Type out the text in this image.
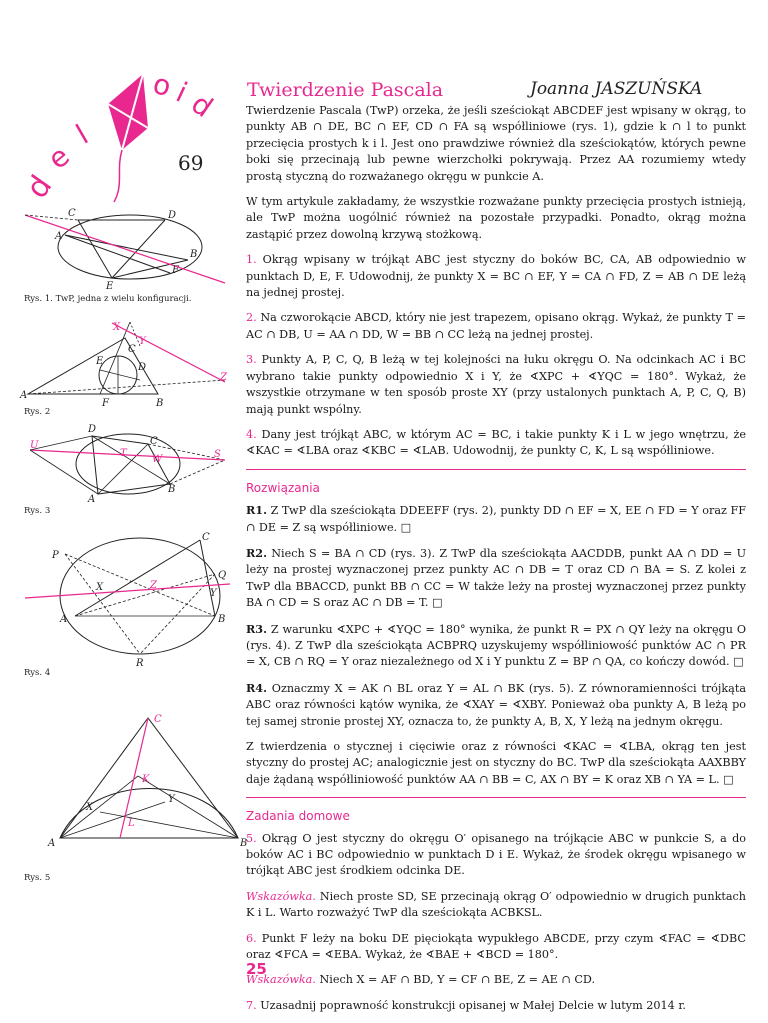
d
e
l
o
i
d
69
C	D
A
B
E
F
Rys. 1. TwP, jedna z wielu konfiguracji.
X
Y
C
E
D
Z
A
F	B
Rys. 2
D
C
U
T
W	S
B
A
Rys. 3
C
P
Q
X	Z
Y
A	B
R
Rys. 4
C
K
Y
X
L
A	B
Rys. 5
Twierdzenie Pascala	Joanna JASZUŃSKA

Twierdzenie Pascala (TwP) orzeka, że jeśli sześciokąt ABCDEF jest wpisany w okrąg, to punkty AB ∩ DE, BC ∩ EF, CD ∩ FA są współliniowe (rys. 1), gdzie k ∩ l to punkt przecięcia prostych k i l. Jest ono prawdziwe również dla sześciokątów, których pewne boki się przecinają lub pewne wierzchołki pokrywają. Przez AA rozumiemy wtedy prostą styczną do rozważanego okręgu w punkcie A.

W tym artykule zakładamy, że wszystkie rozważane punkty przecięcia prostych istnieją, ale TwP można uogólnić również na pozostałe przypadki. Ponadto, okrąg można zastąpić przez dowolną krzywą stożkową.

1. Okrąg wpisany w trójkąt ABC jest styczny do boków BC, CA, AB odpowiednio w punktach D, E, F. Udowodnij, że punkty X = BC ∩ EF, Y = CA ∩ FD, Z = AB ∩ DE leżą na jednej prostej.

2. Na czworokącie ABCD, który nie jest trapezem, opisano okrąg. Wykaż, że punkty T = AC ∩ DB, U = AA ∩ DD, W = BB ∩ CC leżą na jednej prostej.

3. Punkty A, P, C, Q, B leżą w tej kolejności na łuku okręgu O. Na odcinkach AC i BC wybrano takie punkty odpowiednio X i Y, że ∢XPC + ∢YQC = 180°. Wykaż, że wszystkie otrzymane w ten sposób proste XY (przy ustalonych punktach A, P, C, Q, B) mają punkt wspólny.

4. Dany jest trójkąt ABC, w którym AC = BC, i takie punkty K i L w jego wnętrzu, że ∢KAC = ∢LBA oraz ∢KBC = ∢LAB. Udowodnij, że punkty C, K, L są współliniowe.

Rozwiązania

R1. Z TwP dla sześciokąta DDEEFF (rys. 2), punkty DD ∩ EF = X, EE ∩ FD = Y oraz FF ∩ DE = Z są współliniowe. □

R2. Niech S = BA ∩ CD (rys. 3). Z TwP dla sześciokąta AACDDB, punkt AA ∩ DD = U leży na prostej wyznaczonej przez punkty AC ∩ DB = T oraz CD ∩ BA = S. Z kolei z TwP dla BBACCD, punkt BB ∩ CC = W także leży na prostej wyznaczonej przez punkty BA ∩ CD = S oraz AC ∩ DB = T. □

R3. Z warunku ∢XPC + ∢YQC = 180° wynika, że punkt R = PX ∩ QY leży na okręgu O (rys. 4). Z TwP dla sześciokąta ACBPRQ uzyskujemy współliniowość punktów AC ∩ PR = X, CB ∩ RQ = Y oraz niezależnego od X i Y punktu Z = BP ∩ QA, co kończy dowód. □

R4. Oznaczmy X = AK ∩ BL oraz Y = AL ∩ BK (rys. 5). Z równoramienności trójkąta ABC oraz równości kątów wynika, że ∢XAY = ∢XBY. Ponieważ oba punkty A, B leżą po tej samej stronie prostej XY, oznacza to, że punkty A, B, X, Y leżą na jednym okręgu.

Z twierdzenia o stycznej i cięciwie oraz z równości ∢KAC = ∢LBA, okrąg ten jest styczny do prostej AC; analogicznie jest on styczny do BC. TwP dla sześciokąta AAXBBY daje żądaną współliniowość punktów AA ∩ BB = C, AX ∩ BY = K oraz XB ∩ YA = L. □

Zadania domowe

5. Okrąg O jest styczny do okręgu O′ opisanego na trójkącie ABC w punkcie S, a do boków AC i BC odpowiednio w punktach D i E. Wykaż, że środek okręgu wpisanego w trójkąt ABC jest środkiem odcinka DE.

Wskazówka. Niech proste SD, SE przecinają okrąg O′ odpowiednio w drugich punktach K i L. Warto rozważyć TwP dla sześciokąta ACBKSL.

6. Punkt F leży na boku DE pięciokąta wypukłego ABCDE, przy czym ∢FAC = ∢DBC oraz ∢FCA = ∢EBA. Wykaż, że ∢BAE + ∢BCD = 180°.

Wskazówka. Niech X = AF ∩ BD, Y = CF ∩ BE, Z = AE ∩ CD.

7. Uzasadnij poprawność konstrukcji opisanej w Małej Delcie w lutym 2014 r.

25
